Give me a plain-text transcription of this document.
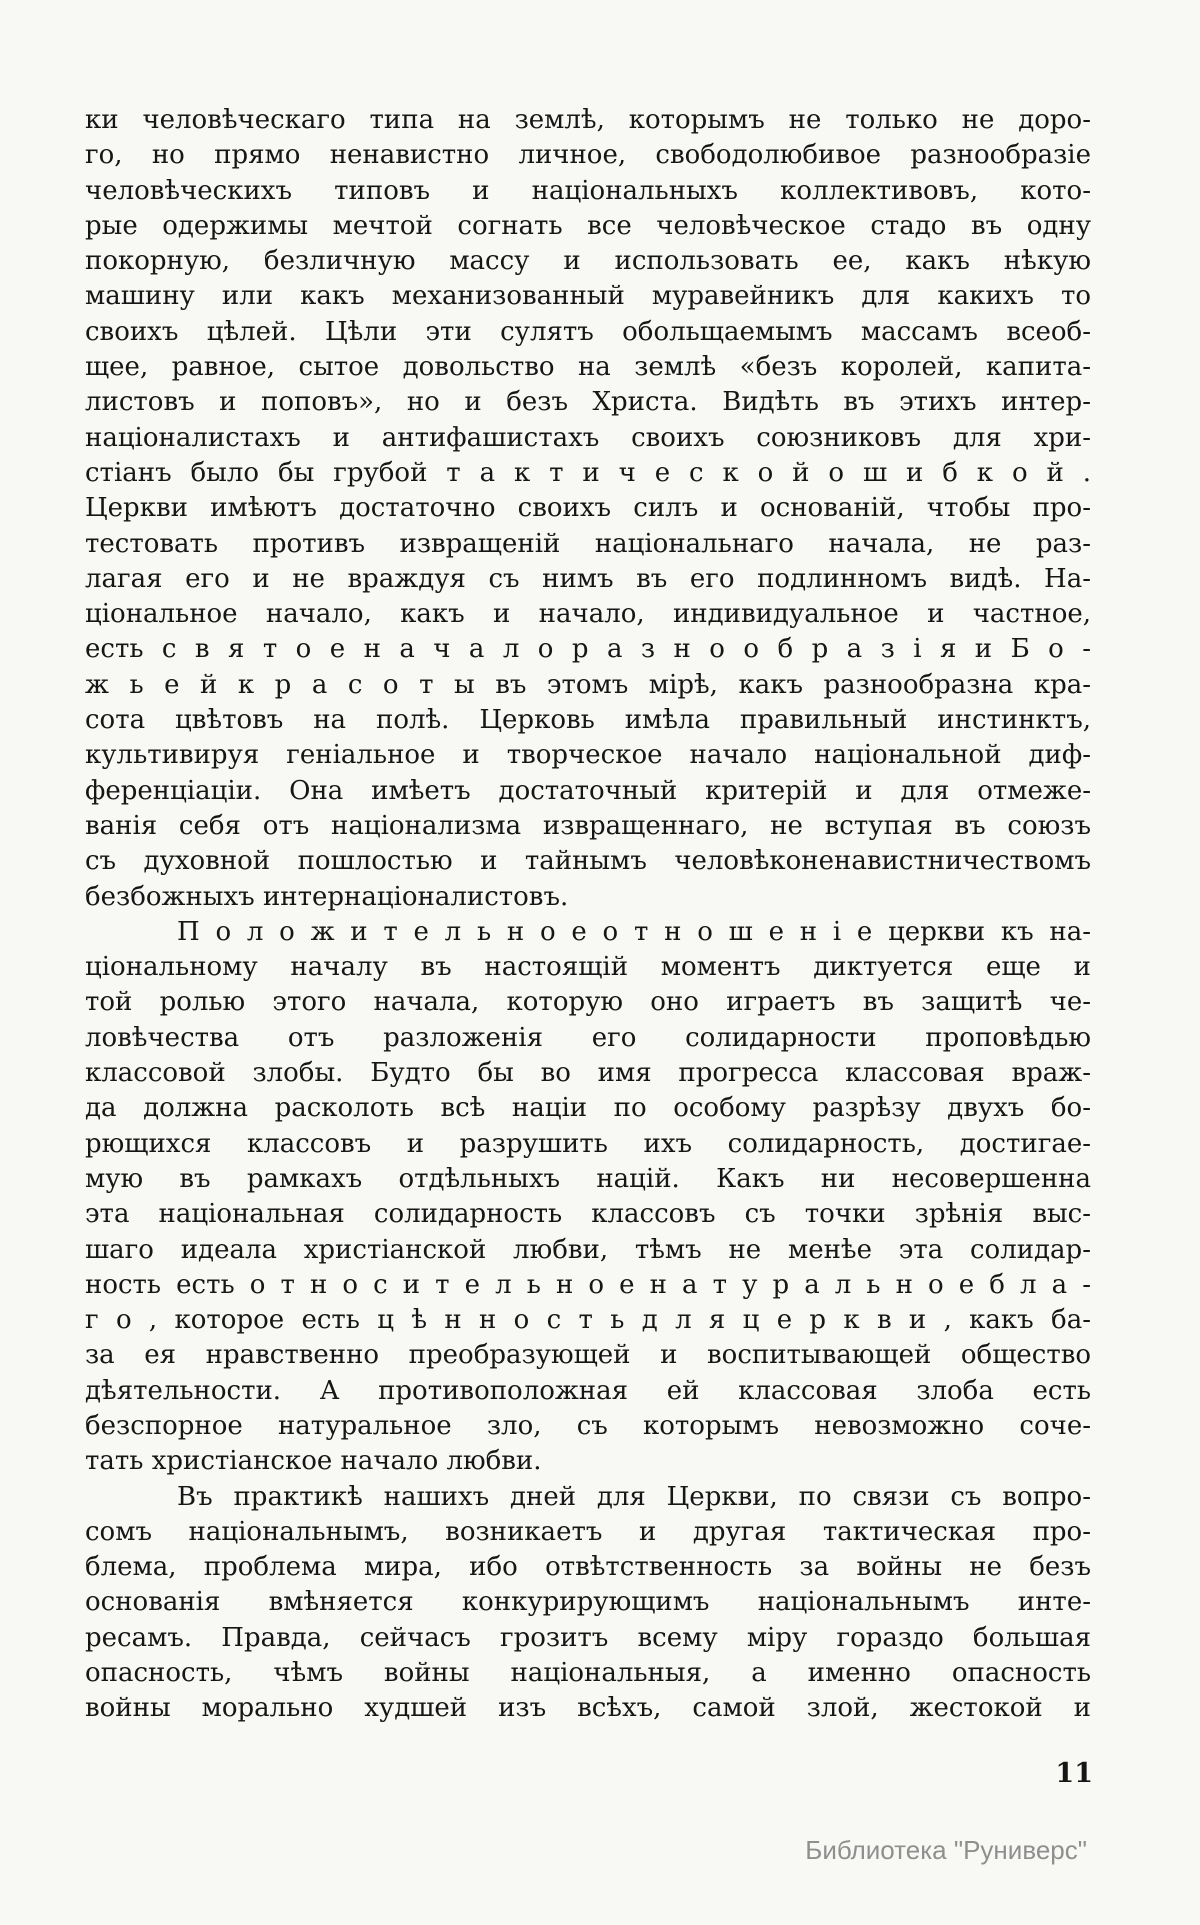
ки человѣческаго типа на землѣ, которымъ не только не доро-
го, но прямо ненавистно личное, свободолюбивое разнообразіе
человѣческихъ типовъ и національныхъ коллективовъ, кото-
рые одержимы мечтой согнать все человѣческое стадо въ одну
покорную, безличную массу и использовать ее, какъ нѣкую
машину или какъ механизованный муравейникъ для какихъ то
своихъ цѣлей. Цѣли эти сулятъ обольщаемымъ массамъ всеоб-
щее, равное, сытое довольство на землѣ «безъ королей, капита-
листовъ и поповъ», но и безъ Христа. Видѣть въ этихъ интер-
націоналистахъ и антифашистахъ своихъ союзниковъ для хри-
стіанъ было бы грубой т а к т и ч е с к о й о ш и б к о й .
Церкви имѣютъ достаточно своихъ силъ и основаній, чтобы про-
тестовать противъ извращеній національнаго начала, не раз-
лагая его и не враждуя съ нимъ въ его подлинномъ видѣ. На-
ціональное начало, какъ и начало, индивидуальное и частное,
есть с в я т о е н а ч а л о р а з н о о б р а з і я и Б о -
ж ь е й к р а с о т ы въ этомъ мірѣ, какъ разнообразна кра-
сота цвѣтовъ на полѣ. Церковь имѣла правильный инстинктъ,
культивируя геніальное и творческое начало національной диф-
ференціаціи. Она имѣетъ достаточный критерій и для отмеже-
ванія себя отъ націонализма извращеннаго, не вступая въ союзъ
съ духовной пошлостью и тайнымъ человѣконенавистничествомъ
безбожныхъ интернаціоналистовъ.
П о л о ж и т е л ь н о е о т н о ш е н і е церкви къ на-
ціональному началу въ настоящій моментъ диктуется еще и
той ролью этого начала, которую оно играетъ въ защитѣ че-
ловѣчества отъ разложенія его солидарности проповѣдью
классовой злобы. Будто бы во имя прогресса классовая враж-
да должна расколоть всѣ націи по особому разрѣзу двухъ бо-
рющихся классовъ и разрушить ихъ солидарность, достигае-
мую въ рамкахъ отдѣльныхъ націй. Какъ ни несовершенна
эта національная солидарность классовъ съ точки зрѣнія выс-
шаго идеала христіанской любви, тѣмъ не менѣе эта солидар-
ность есть о т н о с и т е л ь н о е н а т у р а л ь н о е б л а -
г о , которое есть ц ѣ н н о с т ь д л я ц е р к в и , какъ ба-
за ея нравственно преобразующей и воспитывающей общество
дѣятельности. А противоположная ей классовая злоба есть
безспорное натуральное зло, съ которымъ невозможно соче-
тать христіанское начало любви.
Въ практикѣ нашихъ дней для Церкви, по связи съ вопро-
сомъ національнымъ, возникаетъ и другая тактическая про-
блема, проблема мира, ибо отвѣтственность за войны не безъ
основанія вмѣняется конкурирующимъ національнымъ инте-
ресамъ. Правда, сейчасъ грозитъ всему міру гораздо большая
опасность, чѣмъ войны національныя, а именно опасность
войны морально худшей изъ всѣхъ, самой злой, жестокой и
11
Библиотека "Руниверс"
